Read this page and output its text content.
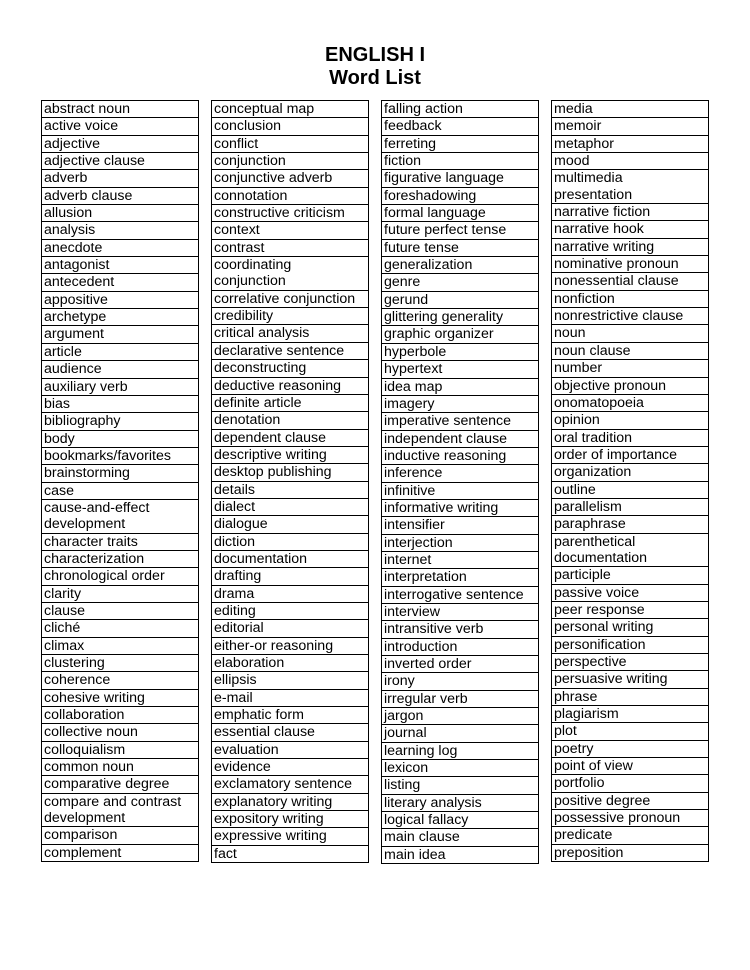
ENGLISH I
Word List
abstract noun

active voice

adjective

adjective clause

adverb

adverb clause

allusion

analysis

anecdote

antagonist

antecedent

appositive

archetype

argument

article

audience

auxiliary verb

bias

bibliography

body

bookmarks/favorites

brainstorming

case

cause-and-effect
development

character traits

characterization

chronological order

clarity

clause

cliché

climax

clustering

coherence

cohesive writing

collaboration

collective noun

colloquialism

common noun

comparative degree

compare and contrast
development

comparison

complement
conceptual map

conclusion

conflict

conjunction

conjunctive adverb

connotation

constructive criticism

context

contrast

coordinating
conjunction

correlative conjunction

credibility

critical analysis

declarative sentence

deconstructing

deductive reasoning

definite article

denotation

dependent clause

descriptive writing

desktop publishing

details

dialect

dialogue

diction

documentation

drafting

drama

editing

editorial

either-or reasoning

elaboration

ellipsis

e-mail

emphatic form

essential clause

evaluation

evidence

exclamatory sentence

explanatory writing

expository writing

expressive writing

fact
falling action

feedback

ferreting

fiction

figurative language

foreshadowing

formal language

future perfect tense

future tense

generalization

genre

gerund

glittering generality

graphic organizer

hyperbole

hypertext

idea map

imagery

imperative sentence

independent clause

inductive reasoning

inference

infinitive

informative writing

intensifier

interjection

internet

interpretation

interrogative sentence

interview

intransitive verb

introduction

inverted order

irony

irregular verb

jargon

journal

learning log

lexicon

listing

literary analysis

logical fallacy

main clause

main idea
media

memoir

metaphor

mood

multimedia
presentation

narrative fiction

narrative hook

narrative writing

nominative pronoun

nonessential clause

nonfiction

nonrestrictive clause

noun

noun clause

number

objective pronoun

onomatopoeia

opinion

oral tradition

order of importance

organization

outline

parallelism

paraphrase

parenthetical
documentation

participle

passive voice

peer response

personal writing

personification

perspective

persuasive writing

phrase

plagiarism

plot

poetry

point of view

portfolio

positive degree

possessive pronoun

predicate

preposition
